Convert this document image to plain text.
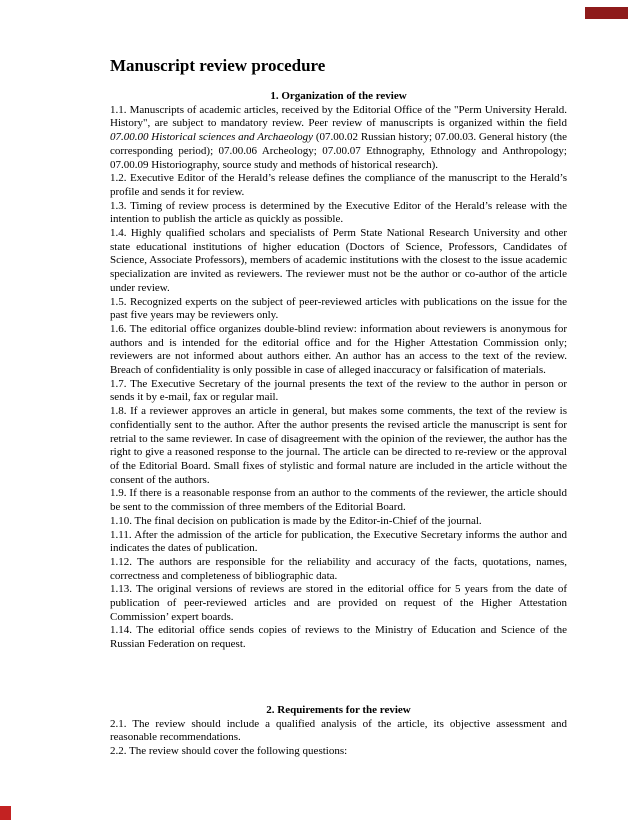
Manuscript review procedure
1. Organization of the review

1.1. Manuscripts of academic articles, received by the Editorial Office of the "Perm University Herald. History", are subject to mandatory review. Peer review of manuscripts is organized within the field 07.00.00 Historical sciences and Archaeology (07.00.02 Russian history; 07.00.03. General history (the corresponding period); 07.00.06 Archeology; 07.00.07 Ethnography, Ethnology and Anthropology; 07.00.09 Historiography, source study and methods of historical research).

1.2. Executive Editor of the Herald’s release defines the compliance of the manuscript to the Herald’s profile and sends it for review.

1.3. Timing of review process is determined by the Executive Editor of the Herald’s release with the intention to publish the article as quickly as possible.

1.4. Highly qualified scholars and specialists of Perm State National Research University and other state educational institutions of higher education (Doctors of Science, Professors, Candidates of Science, Associate Professors), members of academic institutions with the closest to the issue academic specialization are invited as reviewers. The reviewer must not be the author or co-author of the article under review.

1.5. Recognized experts on the subject of peer-reviewed articles with publications on the issue for the past five years may be reviewers only.

1.6. The editorial office organizes double-blind review: information about reviewers is anonymous for authors and is intended for the editorial office and for the Higher Attestation Commission only; reviewers are not informed about authors either. An author has an access to the text of the review. Breach of confidentiality is only possible in case of alleged inaccuracy or falsification of materials.

1.7. The Executive Secretary of the journal presents the text of the review to the author in person or sends it by e-mail, fax or regular mail.

1.8. If a reviewer approves an article in general, but makes some comments, the text of the review is confidentially sent to the author. After the author presents the revised article the manuscript is sent for retrial to the same reviewer. In case of disagreement with the opinion of the reviewer, the author has the right to give a reasoned response to the journal. The article can be directed to re-review or the approval of the Editorial Board. Small fixes of stylistic and formal nature are included in the article without the consent of the authors.

1.9. If there is a reasonable response from an author to the comments of the reviewer, the article should be sent to the commission of three members of the Editorial Board.

1.10. The final decision on publication is made by the Editor-in-Chief of the journal.

1.11. After the admission of the article for publication, the Executive Secretary informs the author and indicates the dates of publication.

1.12. The authors are responsible for the reliability and accuracy of the facts, quotations, names, correctness and completeness of bibliographic data.

1.13. The original versions of reviews are stored in the editorial office for 5 years from the date of publication of peer-reviewed articles and are provided on request of the Higher Attestation Commission’ expert boards.

1.14. The editorial office sends copies of reviews to the Ministry of Education and Science of the Russian Federation on request.

2. Requirements for the review

2.1. The review should include a qualified analysis of the article, its objective assessment and reasonable recommendations.

2.2. The review should cover the following questions:
